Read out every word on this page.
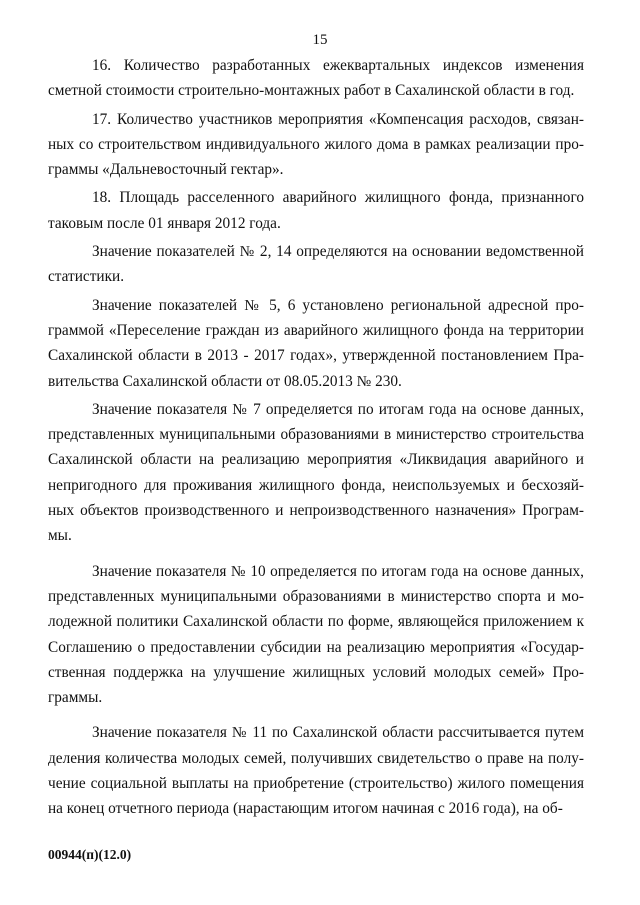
15

16. Количество разработанных ежеквартальных индексов изменения сметной стоимости строительно-монтажных работ в Сахалинской области в год.

17. Количество участников мероприятия «Компенсация расходов, связанных со строительством индивидуального жилого дома в рамках реализации программы «Дальневосточный гектар».

18. Площадь расселенного аварийного жилищного фонда, признанного таковым после 01 января 2012 года.

Значение показателей № 2, 14 определяются на основании ведомственной статистики.

Значение показателей № 5, 6 установлено региональной адресной программой «Переселение граждан из аварийного жилищного фонда на территории Сахалинской области в 2013 - 2017 годах», утвержденной постановлением Правительства Сахалинской области от 08.05.2013 № 230.

Значение показателя № 7 определяется по итогам года на основе данных, представленных муниципальными образованиями в министерство строительства Сахалинской области на реализацию мероприятия «Ликвидация аварийного и непригодного для проживания жилищного фонда, неиспользуемых и бесхозяйных объектов производственного и непроизводственного назначения» Программы.

Значение показателя № 10 определяется по итогам года на основе данных, представленных муниципальными образованиями в министерство спорта и молодежной политики Сахалинской области по форме, являющейся приложением к Соглашению о предоставлении субсидии на реализацию мероприятия «Государственная поддержка на улучшение жилищных условий молодых семей» Программы.

Значение показателя № 11 по Сахалинской области рассчитывается путем деления количества молодых семей, получивших свидетельство о праве на получение социальной выплаты на приобретение (строительство) жилого помещения на конец отчетного периода (нарастающим итогом начиная с 2016 года), на об-

00944(п)(12.0)
